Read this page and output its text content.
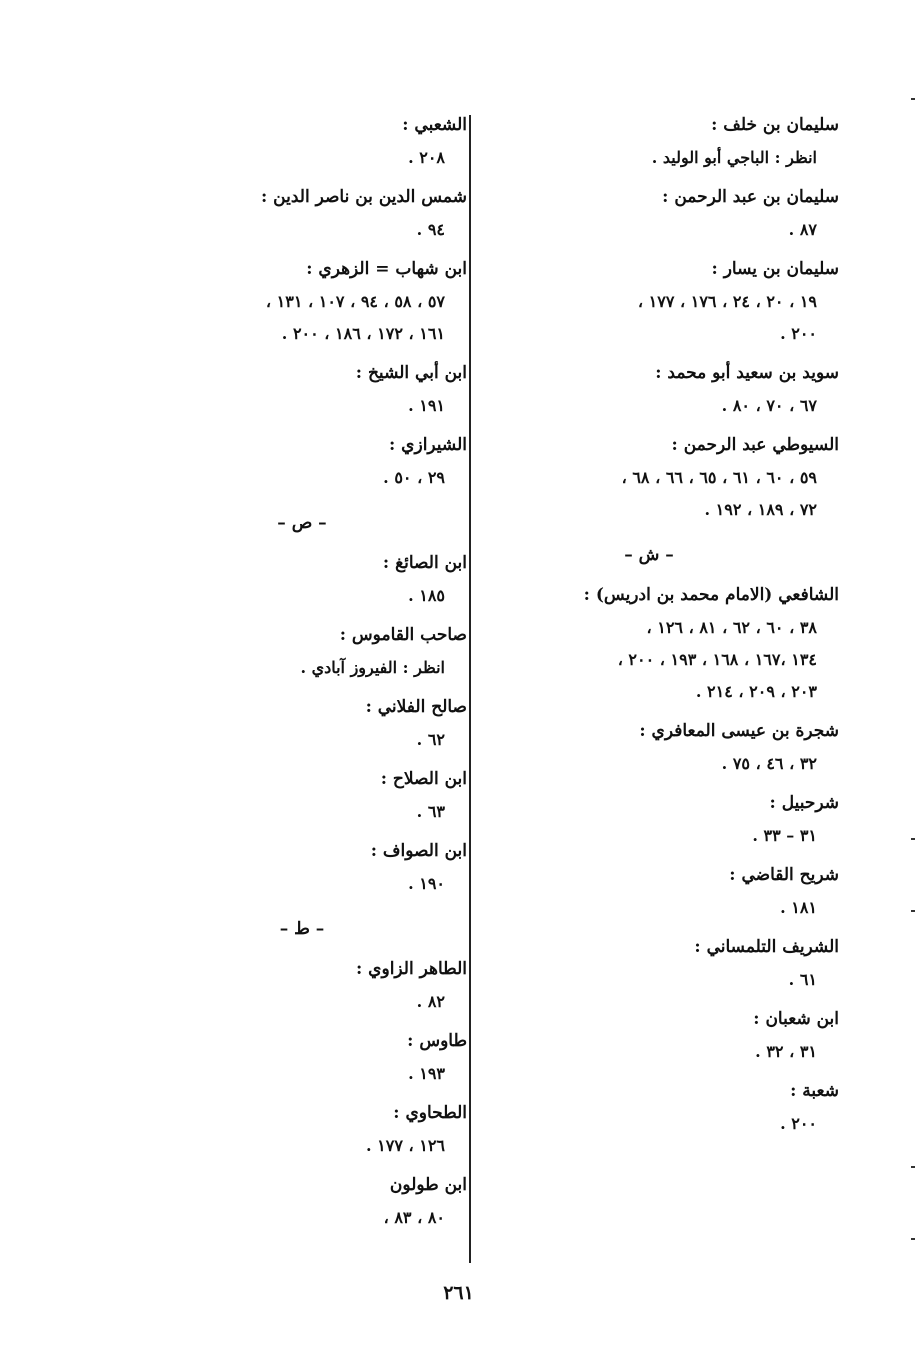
سليمان بن خلف :
انظر : الباجي أبو الوليد .
سليمان بن عبد الرحمن :
٨٧ .
سليمان بن يسار :
١٩ ، ٢٠ ، ٢٤ ، ١٧٦ ، ١٧٧ ،
٢٠٠ .
سويد بن سعيد أبو محمد :
٦٧ ، ٧٠ ، ٨٠ .
السيوطي عبد الرحمن :
٥٩ ، ٦٠ ، ٦١ ، ٦٥ ، ٦٦ ، ٦٨ ،
٧٢ ، ١٨٩ ، ١٩٢ .
– ش –
الشافعي (الامام محمد بن ادريس) :
٣٨ ، ٦٠ ، ٦٢ ، ٨١ ، ١٢٦ ،
١٣٤ ،١٦٧ ، ١٦٨ ، ١٩٣ ، ٢٠٠ ،
٢٠٣ ، ٢٠٩ ، ٢١٤ .
شجرة بن عيسى المعافري :
٣٢ ، ٤٦ ، ٧٥ .
شرحبيل :
٣١ – ٣٣ .
شريح القاضي :
١٨١ .
الشريف التلمساني :
٦١ .
ابن شعبان :
٣١ ، ٣٢ .
شعبة :
٢٠٠ .
الشعبي :
٢٠٨ .
شمس الدين بن ناصر الدين :
٩٤ .
ابن شهاب = الزهري :
٥٧ ، ٥٨ ، ٩٤ ، ١٠٧ ، ١٣١ ،
١٦١ ، ١٧٢ ، ١٨٦ ، ٢٠٠ .
ابن أبي الشيخ :
١٩١ .
الشيرازي :
٢٩ ، ٥٠ .
– ص –
ابن الصائغ :
١٨٥ .
صاحب القاموس :
انظر : الفيروز آبادي .
صالح الفلاني :
٦٢ .
ابن الصلاح :
٦٣ .
ابن الصواف :
١٩٠ .
– ط –
الطاهر الزاوي :
٨٢ .
طاوس :
١٩٣ .
الطحاوي :
١٢٦ ، ١٧٧ .
ابن طولون
٨٠ ، ٨٣ ،
٢٦١
